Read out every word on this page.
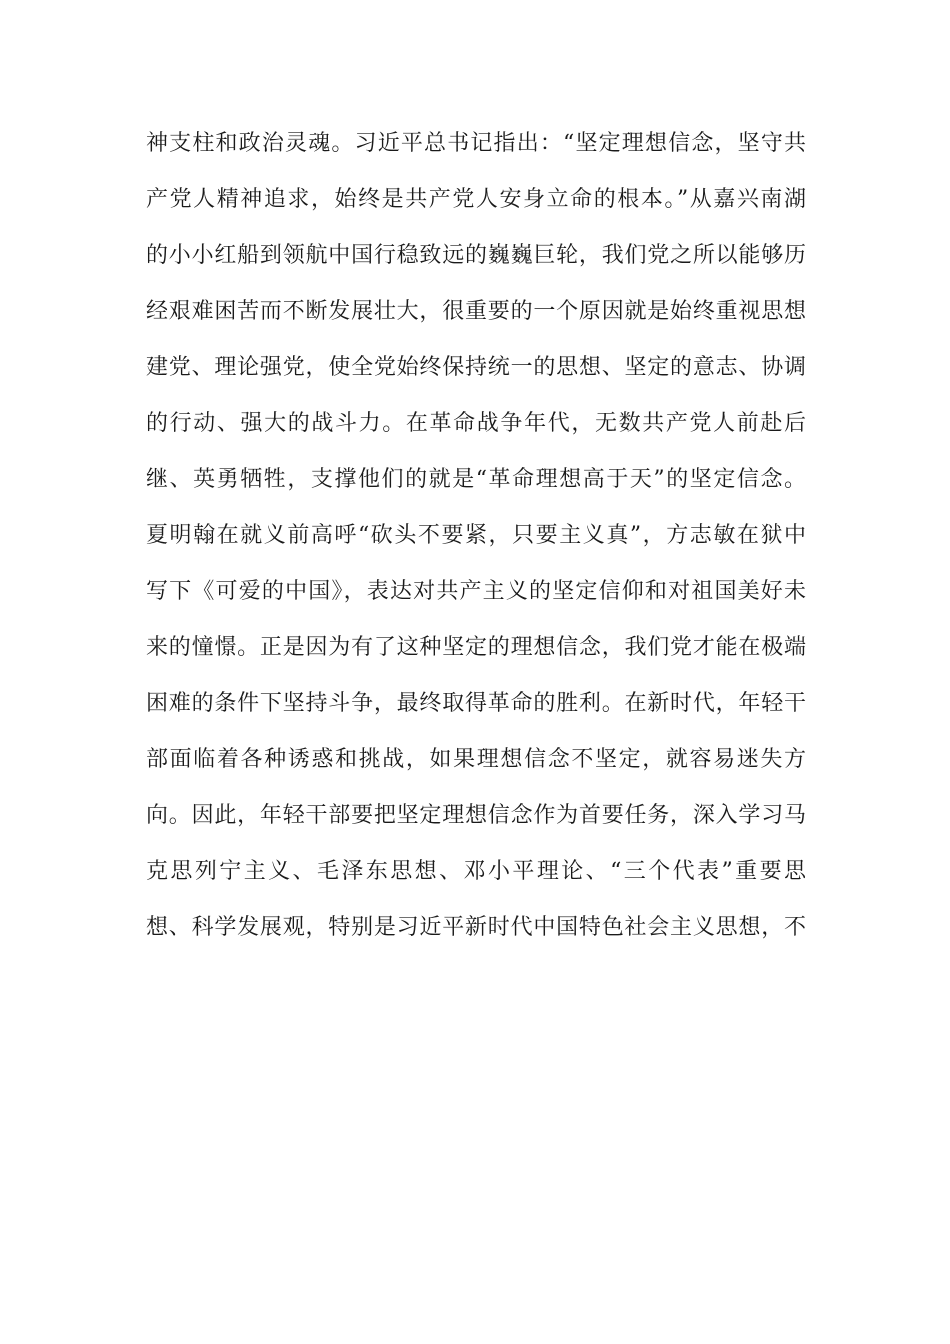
神支柱和政治灵魂。习近平总书记指出：“坚定理想信念，坚守共
产党人精神追求，始终是共产党人安身立命的根本。”从嘉兴南湖
的小小红船到领航中国行稳致远的巍巍巨轮，我们党之所以能够历
经艰难困苦而不断发展壮大，很重要的一个原因就是始终重视思想
建党、理论强党，使全党始终保持统一的思想、坚定的意志、协调
的行动、强大的战斗力。在革命战争年代，无数共产党人前赴后
继、英勇牺牲，支撑他们的就是“革命理想高于天”的坚定信念。
夏明翰在就义前高呼“砍头不要紧，只要主义真”，方志敏在狱中
写下《可爱的中国》，表达对共产主义的坚定信仰和对祖国美好未
来的憧憬。正是因为有了这种坚定的理想信念，我们党才能在极端
困难的条件下坚持斗争，最终取得革命的胜利。在新时代，年轻干
部面临着各种诱惑和挑战，如果理想信念不坚定，就容易迷失方
向。因此，年轻干部要把坚定理想信念作为首要任务，深入学习马
克思列宁主义、毛泽东思想、邓小平理论、“三个代表”重要思
想、科学发展观，特别是习近平新时代中国特色社会主义思想，不
